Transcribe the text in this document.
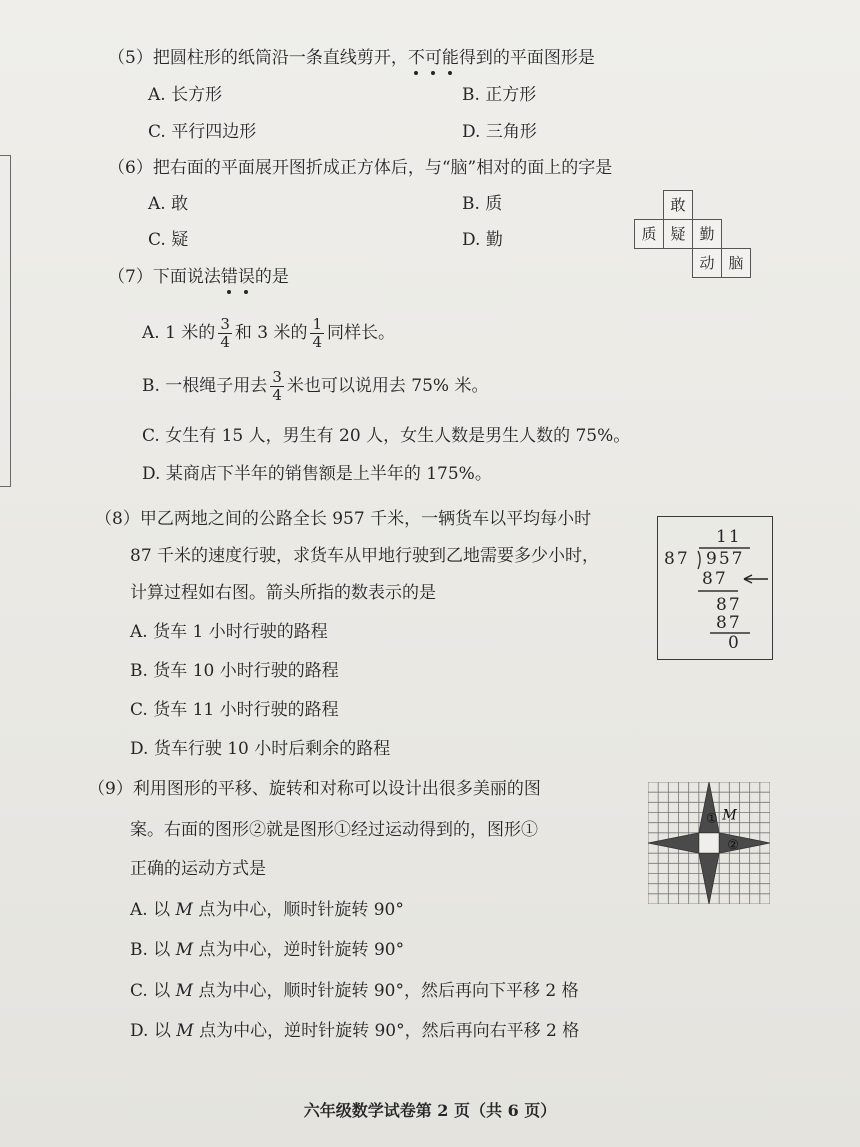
（5）把圆柱形的纸筒沿一条直线剪开，不可能得到的平面图形是
A. 长方形	B. 正方形
C. 平行四边形	D. 三角形
（6）把右面的平面展开图折成正方体后，与“脑”相对的面上的字是
A. 敢	B. 质
C. 疑	D. 勤
敢
质 疑 勤
动 脑
（7）下面说法错误的是
A. 1 米的 $\frac{3}{4}$ 和 3 米的 $\frac{1}{4}$ 同样长。
B. 一根绳子用去 $\frac{3}{4}$ 米也可以说用去 75% 米。
C. 女生有 15 人，男生有 20 人，女生人数是男生人数的 75%。
D. 某商店下半年的销售额是上半年的 175%。
（8）甲乙两地之间的公路全长 957 千米，一辆货车以平均每小时
87 千米的速度行驶，求货车从甲地行驶到乙地需要多少小时，
计算过程如右图。箭头所指的数表示的是
A. 货车 1 小时行驶的路程
B. 货车 10 小时行驶的路程
C. 货车 11 小时行驶的路程
D. 货车行驶 10 小时后剩余的路程
11
87 957
87
87
87
0
（9）利用图形的平移、旋转和对称可以设计出很多美丽的图
案。右面的图形②就是图形①经过运动得到的，图形①
正确的运动方式是
A. 以 M 点为中心，顺时针旋转 90°
B. 以 M 点为中心，逆时针旋转 90°
C. 以 M 点为中心，顺时针旋转 90°，然后再向下平移 2 格
D. 以 M 点为中心，逆时针旋转 90°，然后再向右平移 2 格
① M
②
六年级数学试卷第 2 页（共 6 页）
